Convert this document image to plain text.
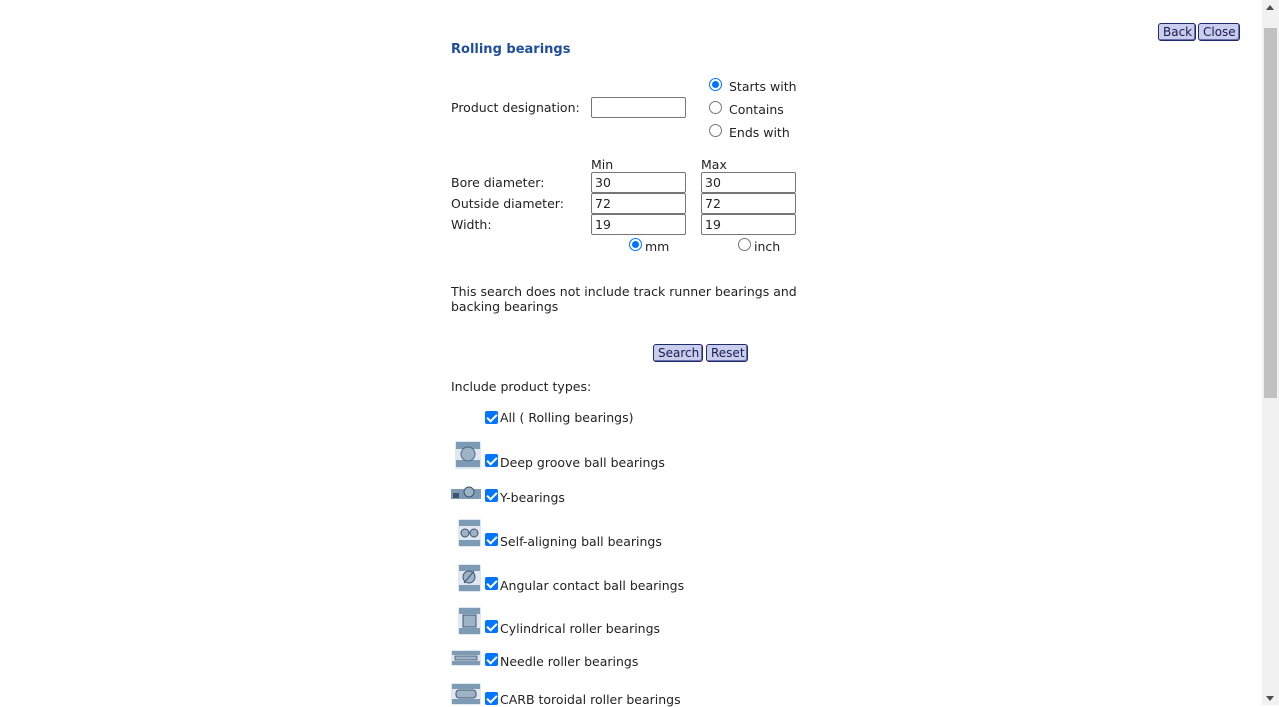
Back Close
Rolling bearings
Product designation:
Starts with
Contains
Ends with
Min	Max
Bore diameter:
30
30
Outside diameter:
72
72
Width:
19
19
mm	inch
This search does not include track runner bearings and backing bearings
Search Reset
Include product types:
All ( Rolling bearings)
Deep groove ball bearings
Y-bearings
Self-aligning ball bearings
Angular contact ball bearings
Cylindrical roller bearings
Needle roller bearings
CARB toroidal roller bearings
